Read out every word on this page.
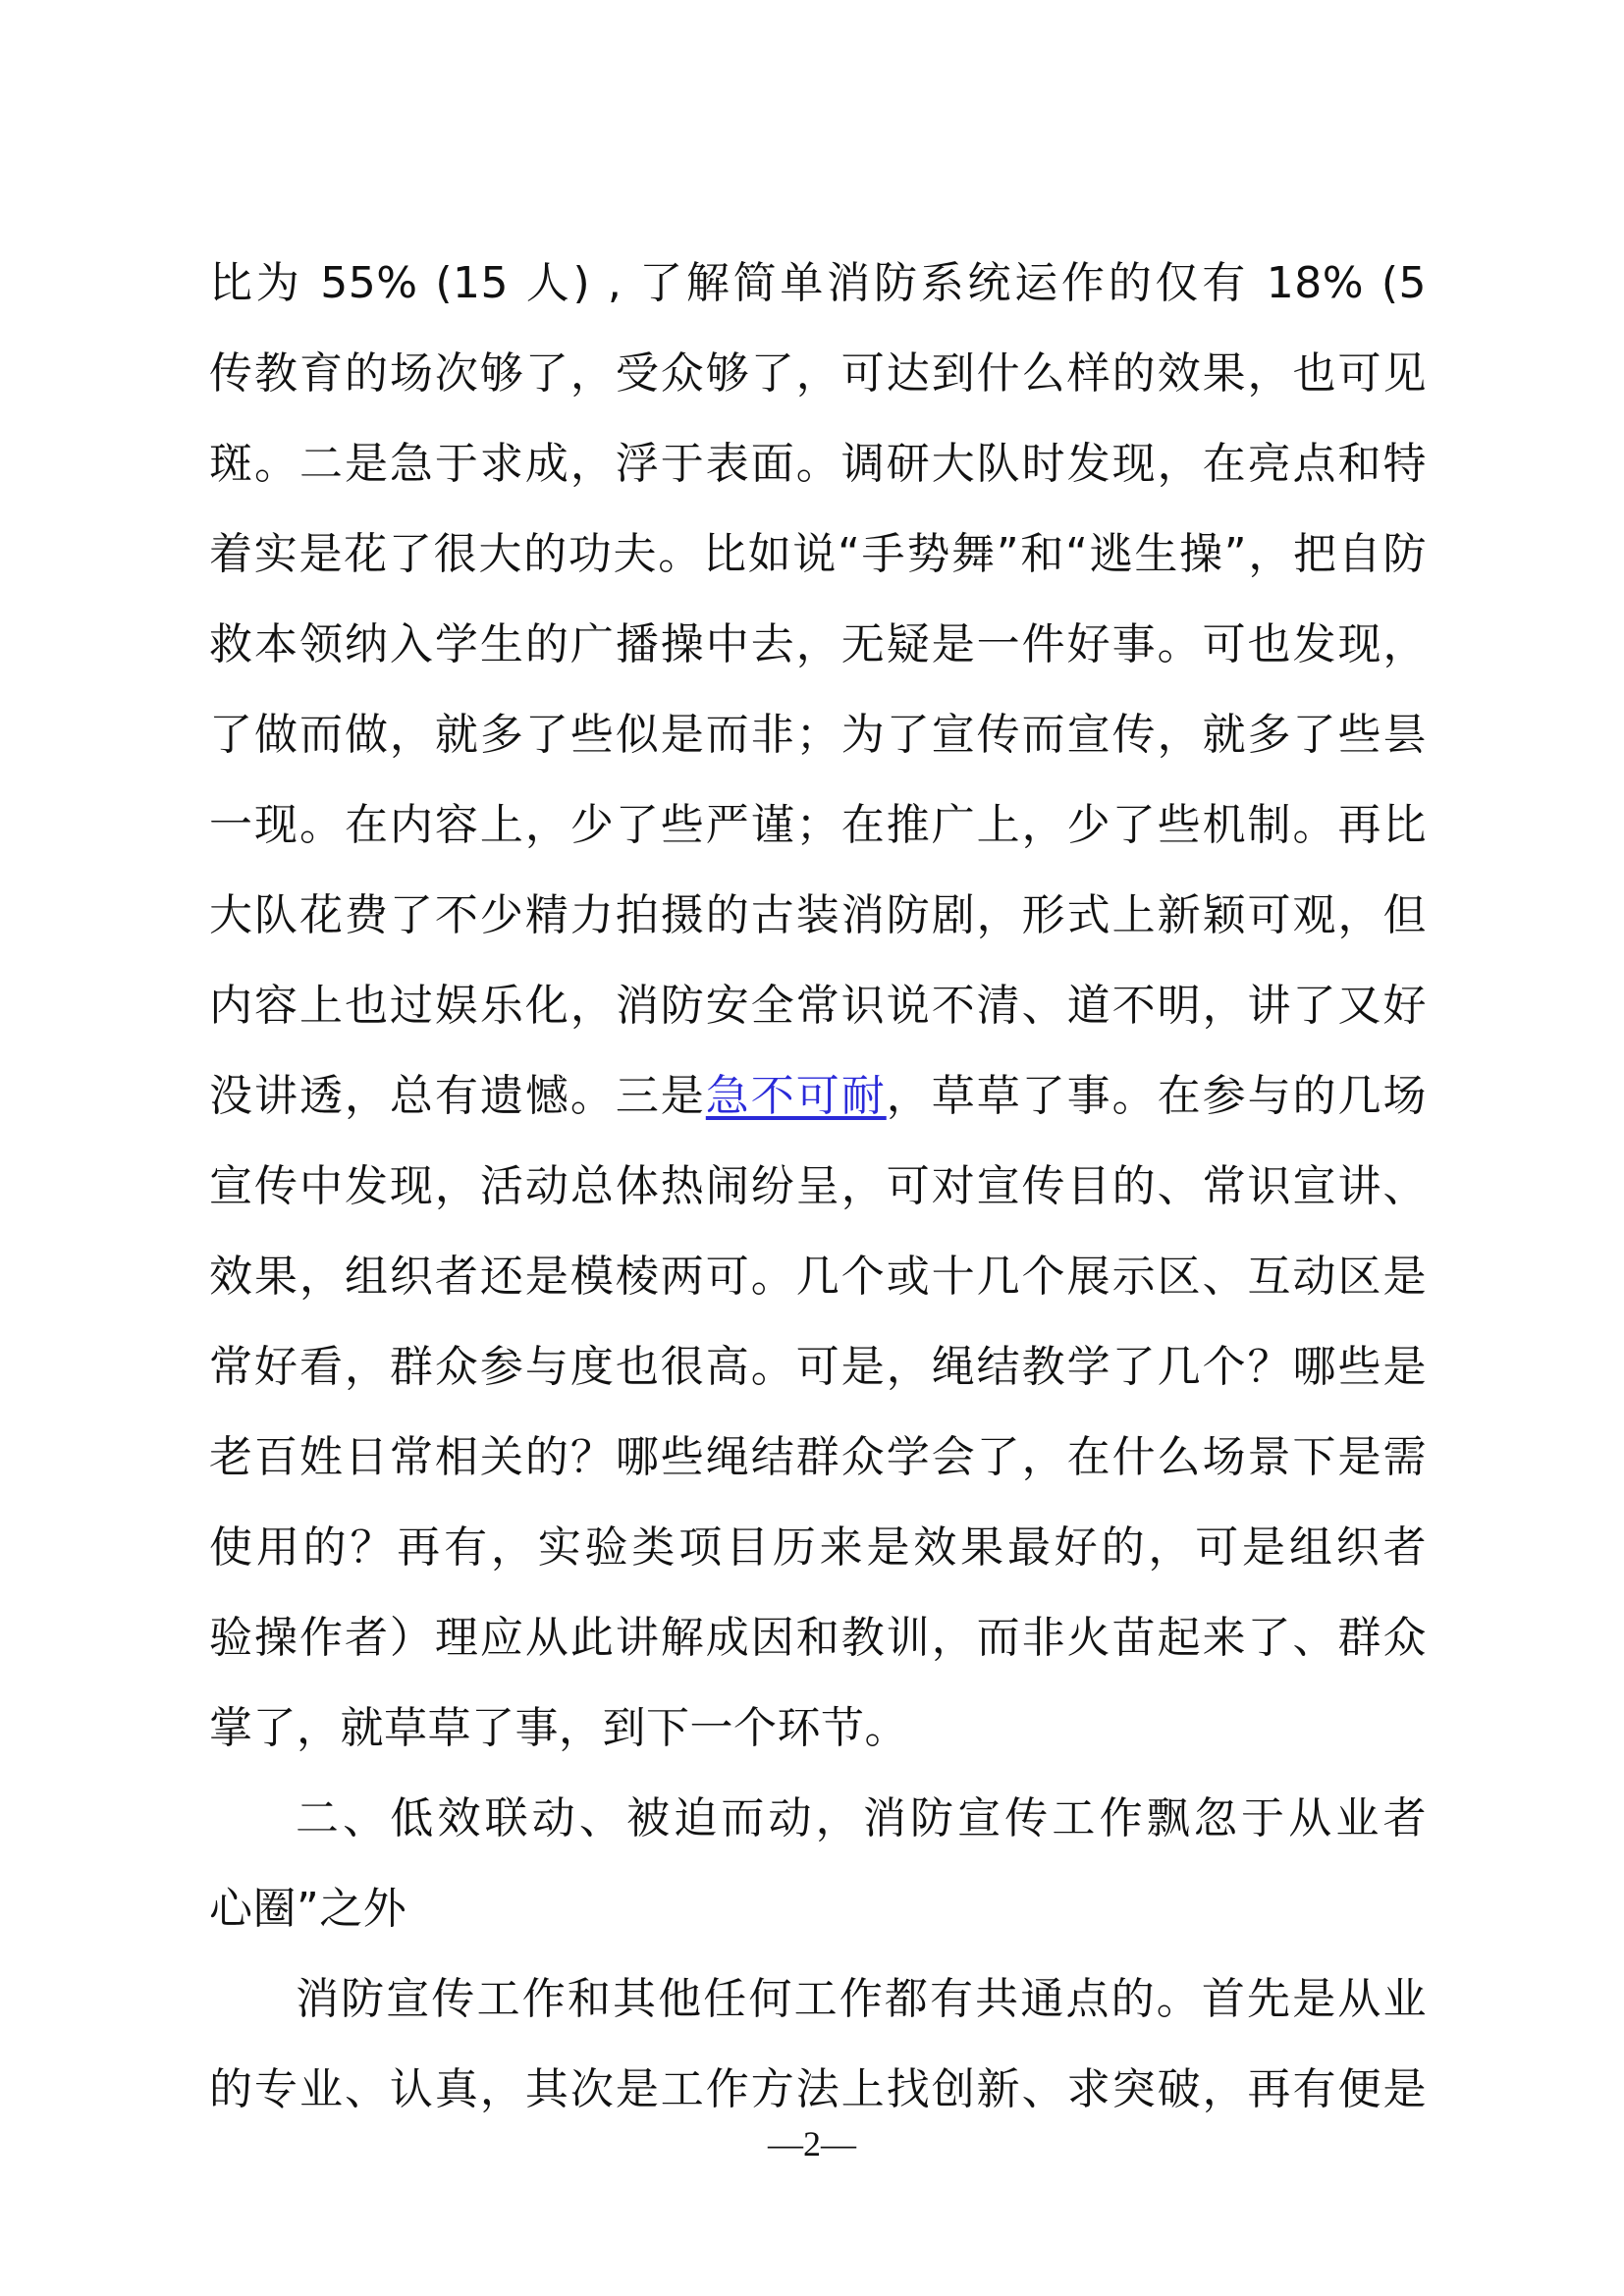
比为 55% (15 人) , 了解简单消防系统运作的仅有 18% (5
传教育的场次够了，受众够了，可达到什么样的效果，也可见
斑。二是急于求成，浮于表面。调研大队时发现，在亮点和特
着实是花了很大的功夫。比如说“手势舞”和“逃生操”，把自防
救本领纳入学生的广播操中去，无疑是一件好事。可也发现，
了做而做，就多了些似是而非；为了宣传而宣传，就多了些昙
一现。在内容上，少了些严谨；在推广上，少了些机制。再比
大队花费了不少精力拍摄的古装消防剧，形式上新颖可观，但
内容上也过娱乐化，消防安全常识说不清、道不明，讲了又好
没讲透，总有遗憾。三是急不可耐，草草了事。在参与的几场
宣传中发现，活动总体热闹纷呈，可对宣传目的、常识宣讲、
效果，组织者还是模棱两可。几个或十几个展示区、互动区是
常好看，群众参与度也很高。可是，绳结教学了几个？哪些是
老百姓日常相关的？哪些绳结群众学会了，在什么场景下是需
使用的？再有，实验类项目历来是效果最好的，可是组织者
验操作者）理应从此讲解成因和教训，而非火苗起来了、群众
掌了，就草草了事，到下一个环节。
二、低效联动、被迫而动，消防宣传工作飘忽于从业者
心圈”之外
消防宣传工作和其他任何工作都有共通点的。首先是从业
的专业、认真，其次是工作方法上找创新、求突破，再有便是
—2—
